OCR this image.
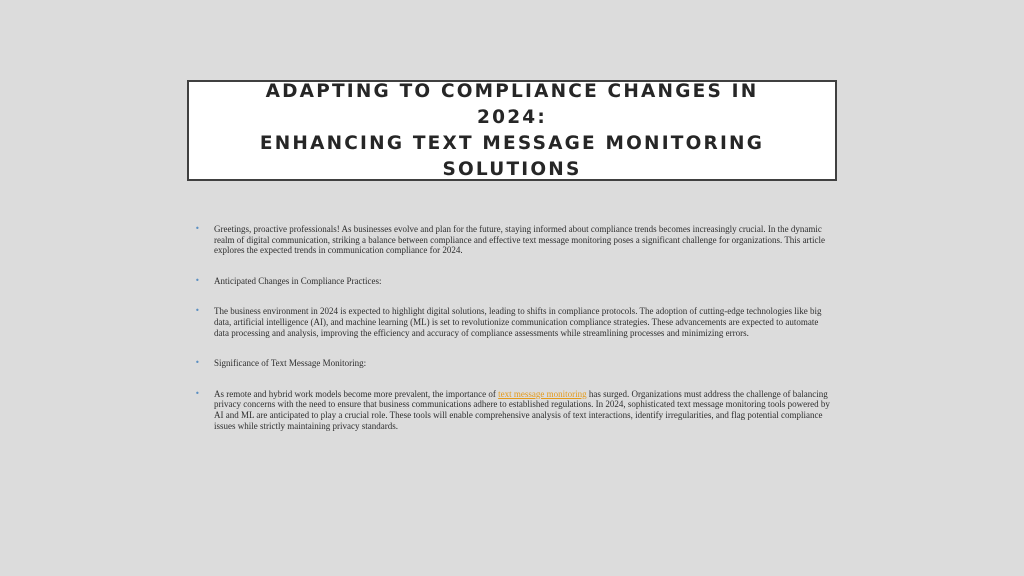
ADAPTING TO COMPLIANCE CHANGES IN 2024:
ENHANCING TEXT MESSAGE MONITORING
SOLUTIONS
•	Greetings, proactive professionals! As businesses evolve and plan for the future, staying informed about compliance trends becomes increasingly crucial. In the dynamic realm of digital communication, striking a balance between compliance and effective text message monitoring poses a significant challenge for organizations. This article explores the expected trends in communication compliance for 2024.
•	Anticipated Changes in Compliance Practices:
•	The business environment in 2024 is expected to highlight digital solutions, leading to shifts in compliance protocols. The adoption of cutting-edge technologies like big data, artificial intelligence (AI), and machine learning (ML) is set to revolutionize communication compliance strategies. These advancements are expected to automate data processing and analysis, improving the efficiency and accuracy of compliance assessments while streamlining processes and minimizing errors.
•	Significance of Text Message Monitoring:
•	As remote and hybrid work models become more prevalent, the importance of text message monitoring has surged. Organizations must address the challenge of balancing privacy concerns with the need to ensure that business communications adhere to established regulations. In 2024, sophisticated text message monitoring tools powered by AI and ML are anticipated to play a crucial role. These tools will enable comprehensive analysis of text interactions, identify irregularities, and flag potential compliance issues while strictly maintaining privacy standards.
